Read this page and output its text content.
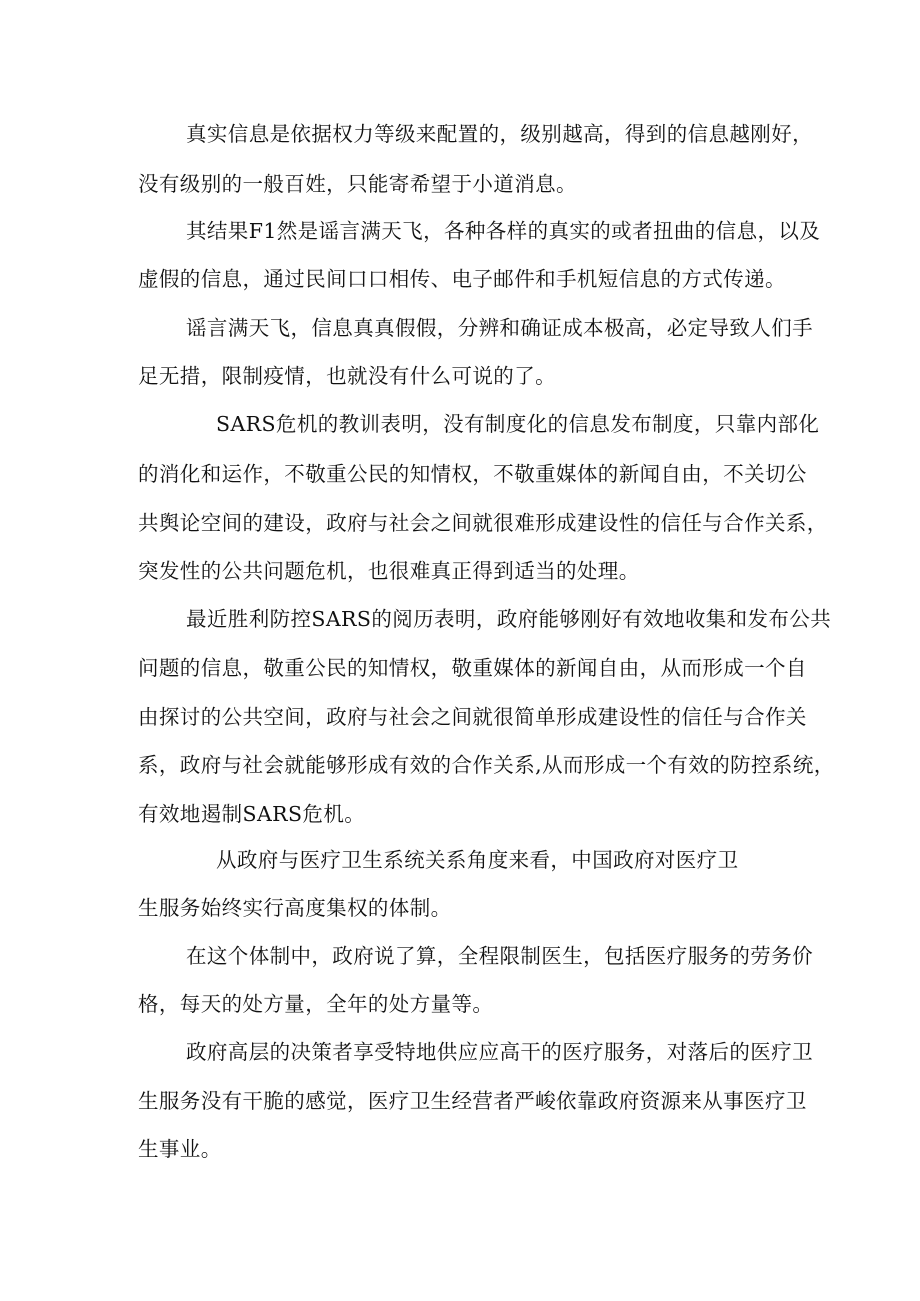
真实信息是依据权力等级来配置的，级别越高，得到的信息越刚好，

没有级别的一般百姓，只能寄希望于小道消息。

其结果F1然是谣言满天飞，各种各样的真实的或者扭曲的信息，以及

虚假的信息，通过民间口口相传、电子邮件和手机短信息的方式传递。

谣言满天飞，信息真真假假，分辨和确证成本极高，必定导致人们手

足无措，限制疫情，也就没有什么可说的了。

SARS危机的教训表明，没有制度化的信息发布制度，只靠内部化

的消化和运作，不敬重公民的知情权，不敬重媒体的新闻自由，不关切公

共舆论空间的建设，政府与社会之间就很难形成建设性的信任与合作关系，

突发性的公共问题危机，也很难真正得到适当的处理。

最近胜利防控SARS的阅历表明，政府能够刚好有效地收集和发布公共

问题的信息，敬重公民的知情权，敬重媒体的新闻自由，从而形成一个自

由探讨的公共空间，政府与社会之间就很简单形成建设性的信任与合作关

系，政府与社会就能够形成有效的合作关系,从而形成一个有效的防控系统，

有效地遏制SARS危机。

从政府与医疗卫生系统关系角度来看，中国政府对医疗卫

生服务始终实行高度集权的体制。

在这个体制中，政府说了算，全程限制医生，包括医疗服务的劳务价

格，每天的处方量，全年的处方量等。

政府高层的决策者享受特地供应应高干的医疗服务，对落后的医疗卫

生服务没有干脆的感觉，医疗卫生经营者严峻依靠政府资源来从事医疗卫

生事业。
